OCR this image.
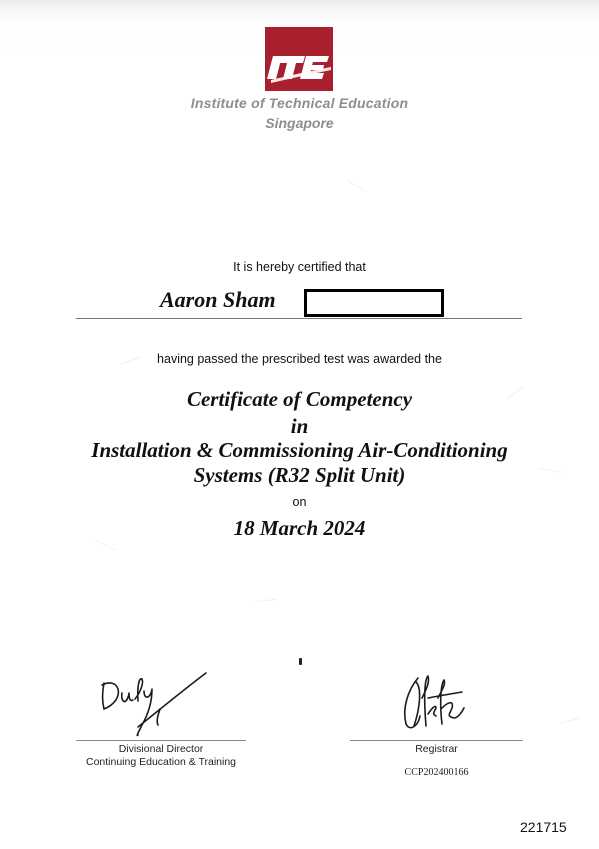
Institute of Technical Education
Singapore
It is hereby certified that
Aaron Sham
having passed the prescribed test was awarded the
Certificate of Competency
in
Installation & Commissioning Air-Conditioning
Systems (R32 Split Unit)
on
18 March 2024
Divisional Director
Continuing Education & Training
Registrar
CCP202400166
221715
